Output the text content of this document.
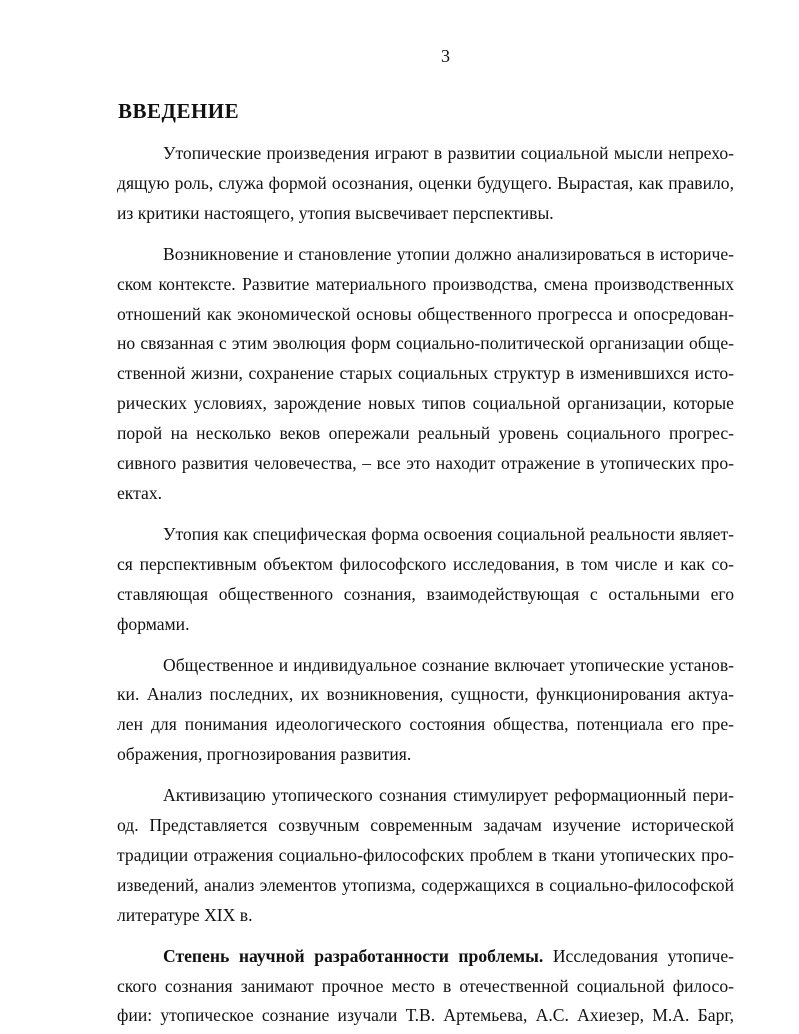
3
ВВЕДЕНИЕ

Утопические произведения играют в развитии социальной мысли непрехо-
дящую роль, служа формой осознания, оценки будущего. Вырастая, как правило,
из критики настоящего, утопия высвечивает перспективы.

Возникновение и становление утопии должно анализироваться в историче-
ском контексте. Развитие материального производства, смена производственных
отношений как экономической основы общественного прогресса и опосредован-
но связанная с этим эволюция форм социально-политической организации обще-
ственной жизни, сохранение старых социальных структур в изменившихся исто-
рических условиях, зарождение новых типов социальной организации, которые
порой на несколько веков опережали реальный уровень социального прогрес-
сивного развития человечества, – все это находит отражение в утопических про-
ектах.

Утопия как специфическая форма освоения социальной реальности являет-
ся перспективным объектом философского исследования, в том числе и как со-
ставляющая общественного сознания, взаимодействующая с остальными его
формами.

Общественное и индивидуальное сознание включает утопические установ-
ки. Анализ последних, их возникновения, сущности, функционирования актуа-
лен для понимания идеологического состояния общества, потенциала его пре-
ображения, прогнозирования развития.

Активизацию утопического сознания стимулирует реформационный пери-
од. Представляется созвучным современным задачам изучение исторической
традиции отражения социально-философских проблем в ткани утопических про-
изведений, анализ элементов утопизма, содержащихся в социально-философской
литературе XIX в.

Степень научной разработанности проблемы. Исследования утопиче-
ского сознания занимают прочное место в отечественной социальной филосо-
фии: утопическое сознание изучали Т.В. Артемьева, А.С. Ахиезер, М.А. Барг,
